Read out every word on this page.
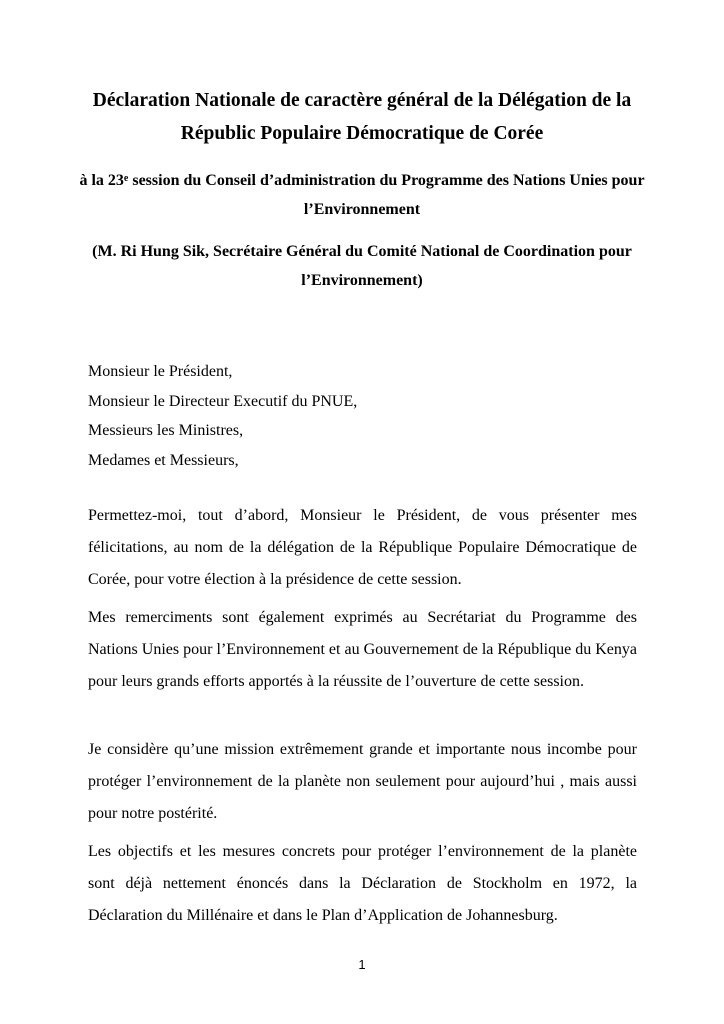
Déclaration Nationale de caractère général de la Délégation de la Républic Populaire Démocratique de Corée

à la 23e session du Conseil d’administration du Programme des Nations Unies pour l’Environnement

(M. Ri Hung Sik, Secrétaire Général du Comité National de Coordination pour l’Environnement)

Monsieur le Président,
Monsieur le Directeur Executif du PNUE,
Messieurs les Ministres,
Medames et Messieurs,

Permettez-moi, tout d’abord, Monsieur le Président, de vous présenter mes félicitations, au nom de la délégation de la République Populaire Démocratique de Corée, pour votre élection à la présidence de cette session.

Mes remerciments sont également exprimés au Secrétariat du Programme des Nations Unies pour l’Environnement et au Gouvernement de la République du Kenya pour leurs grands efforts apportés à la réussite de l’ouverture de cette session.

Je considère qu’une mission extrêmement grande et importante nous incombe pour protéger l’environnement de la planète non seulement pour aujourd’hui , mais aussi pour notre postérité.

Les objectifs et les mesures concrets pour protéger l’environnement de la planète sont déjà nettement énoncés dans la Déclaration de Stockholm en 1972, la Déclaration du Millénaire et dans le Plan d’Application de Johannesburg.

1
